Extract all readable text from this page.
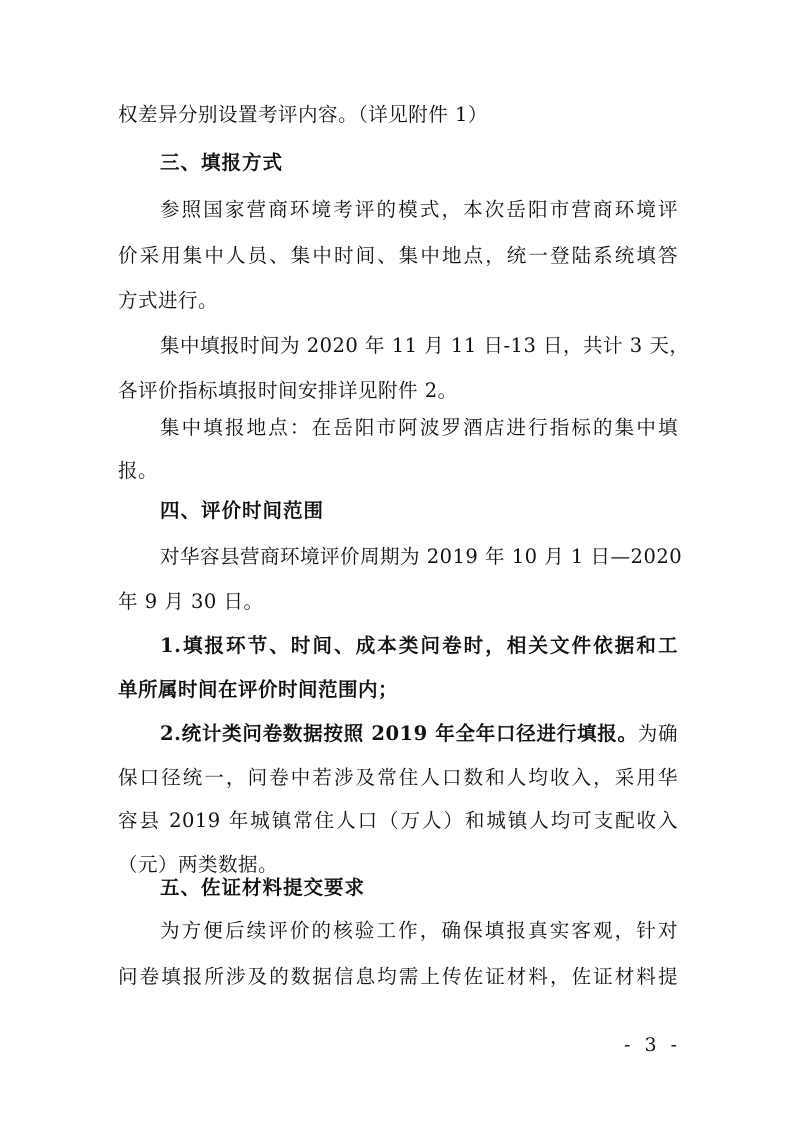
权差异分别设置考评内容。（详见附件 1）
三、填报方式
参照国家营商环境考评的模式，本次岳阳市营商环境评
价采用集中人员、集中时间、集中地点，统一登陆系统填答
方式进行。
集中填报时间为 2020 年 11 月 11 日-13 日，共计 3 天，
各评价指标填报时间安排详见附件 2。
集中填报地点：在岳阳市阿波罗酒店进行指标的集中填
报。
四、评价时间范围
对华容县营商环境评价周期为 2019 年 10 月 1 日—2020
年 9 月 30 日。
1.填报环节、时间、成本类问卷时，相关文件依据和工
单所属时间在评价时间范围内；
2.统计类问卷数据按照 2019 年全年口径进行填报。为确
保口径统一，问卷中若涉及常住人口数和人均收入，采用华
容县 2019 年城镇常住人口（万人）和城镇人均可支配收入
（元）两类数据。
五、佐证材料提交要求
为方便后续评价的核验工作，确保填报真实客观，针对
问卷填报所涉及的数据信息均需上传佐证材料，佐证材料提
- 3 -
